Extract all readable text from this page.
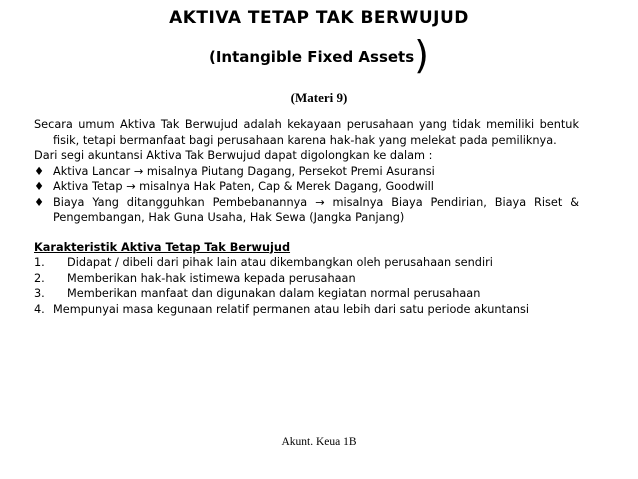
AKTIVA TETAP TAK BERWUJUD
(Intangible Fixed Assets)
(Materi 9)
Secara umum Aktiva Tak Berwujud adalah kekayaan perusahaan yang tidak memiliki bentuk fisik, tetapi bermanfaat bagi perusahaan karena hak-hak yang melekat pada pemiliknya.
Dari segi akuntansi Aktiva Tak Berwujud dapat digolongkan ke dalam :
♦ Aktiva Lancar → misalnya Piutang Dagang, Persekot Premi Asuransi
♦ Aktiva Tetap → misalnya Hak Paten, Cap & Merek Dagang, Goodwill
♦ Biaya Yang ditangguhkan Pembebanannya → misalnya Biaya Pendirian, Biaya Riset & Pengembangan, Hak Guna Usaha, Hak Sewa (Jangka Panjang)
Karakteristik Aktiva Tetap Tak Berwujud
1.	Didapat / dibeli dari pihak lain atau dikembangkan oleh perusahaan sendiri
2.	Memberikan hak-hak istimewa kepada perusahaan
3.	Memberikan manfaat dan digunakan dalam kegiatan normal perusahaan
4. Mempunyai masa kegunaan relatif permanen atau lebih dari satu periode akuntansi
Akunt. Keua 1B
